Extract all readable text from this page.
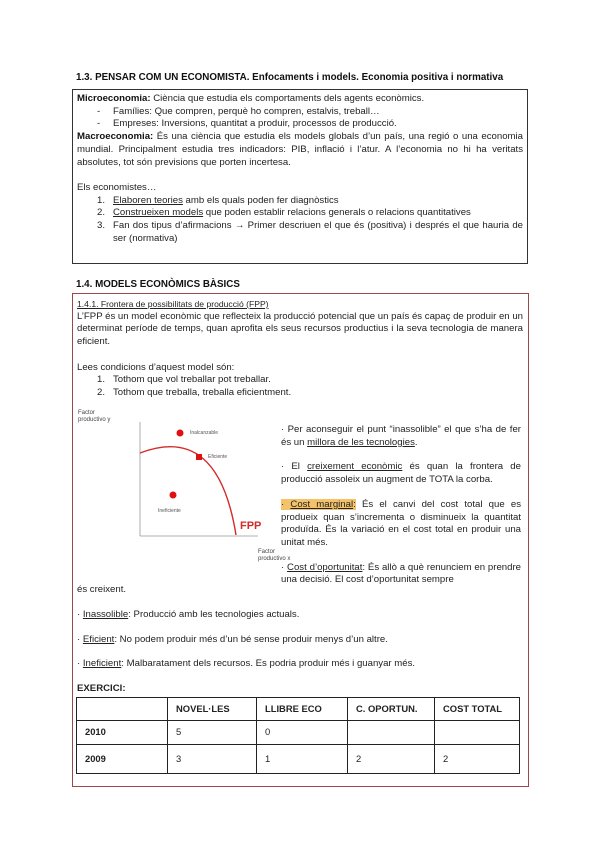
1.3. PENSAR COM UN ECONOMISTA. Enfocaments i models. Economia positiva i normativa
Microeconomia: Ciència que estudia els comportaments dels agents econòmics.
- Famílies: Que compren, perquè ho compren, estalvis, treball…
- Empreses: Inversions, quantitat a produir, processos de producció.
Macroeconomia: És una ciència que estudia els models globals d’un país, una regió o una economia mundial. Principalment estudia tres indicadors: PIB, inflació i l’atur. A l’economia no hi ha veritats absolutes, tot són previsions que porten incertesa.
Els economistes…
1. Elaboren teories amb els quals poden fer diagnòstics
2. Construeixen models que poden establir relacions generals o relacions quantitatives
3. Fan dos tipus d’afirmacions → Primer descriuen el que és (positiva) i després el que hauria de ser (normativa)
1.4. MODELS ECONÒMICS BÀSICS
1.4.1. Frontera de possibilitats de producció (FPP)
L’FPP és un model econòmic que reflecteix la producció potencial que un país és capaç de produir en un determinat període de temps, quan aprofita els seus recursos productius i la seva tecnologia de manera eficient.
Lees condicions d’aquest model són:
1. Tothom que vol treballar pot treballar.
2. Tothom que treballa, treballa eficientment.
Factor
productivo y
Factor
productivo x
Inalcanzable
Eficiente
Ineficiente
FPP
· Per aconseguir el punt “inassolible” el que s’ha de fer és un millora de les tecnologies.
· El creixement econòmic és quan la frontera de producció assoleix un augment de TOTA la corba.
· Cost marginal: És el canvi del cost total que es produeix quan s’incrementa o disminueix la quantitat produïda. És la variació en el cost total en produir una unitat més.
· Cost d’oportunitat: És allò a què renunciem en prendre una decisió. El cost d’oportunitat sempre
és creixent.
· Inassolible: Producció amb les tecnologies actuals.
· Eficient: No podem produir més d’un bé sense produir menys d’un altre.
· Ineficient: Malbaratament dels recursos. Es podria produir més i guanyar més.
EXERCICI:
	NOVEL·LES	LLIBRE ECO	C. OPORTUN.	COST TOTAL
2010	5	0		
2009	3	1	2	2
